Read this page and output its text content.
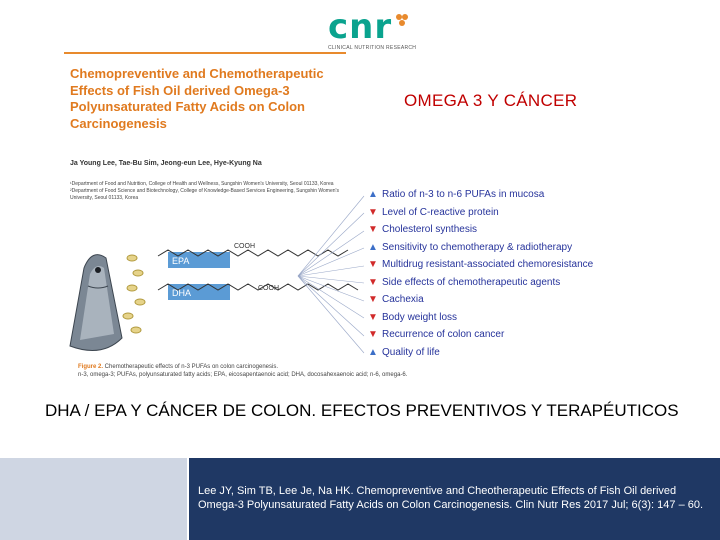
cnr
CLINICAL NUTRITION RESEARCH
Chemopreventive and Chemotherapeutic Effects of Fish Oil derived Omega-3 Polyunsaturated Fatty Acids on Colon Carcinogenesis
Ja Young Lee, Tae-Bu Sim, Jeong-eun Lee, Hye-Kyung Na
¹Department of Food and Nutrition, College of Health and Wellness, Sungshin Women's University, Seoul 01133, Korea
²Department of Food Science and Biotechnology, College of Knowledge-Based Services Engineering, Sungshin Women's University, Seoul 01133, Korea
OMEGA 3 Y CÁNCER
EPA
DHA
COOH
COOH
Figure 2. Chemotherapeutic effects of n-3 PUFAs on colon carcinogenesis.
n-3, omega-3; PUFAs, polyunsaturated fatty acids; EPA, eicosapentaenoic acid; DHA, docosahexaenoic acid; n-6, omega-6.
▲ Ratio of n-3 to n-6 PUFAs in mucosa
▼ Level of C-reactive protein
▼ Cholesterol synthesis
▲ Sensitivity to chemotherapy & radiotherapy
▼ Multidrug resistant-associated chemoresistance
▼ Side effects of chemotherapeutic agents
▼ Cachexia
▼ Body weight loss
▼ Recurrence of colon cancer
▲ Quality of life
DHA / EPA Y CÁNCER DE COLON. EFECTOS PREVENTIVOS Y TERAPÉUTICOS
Lee JY, Sim TB, Lee Je, Na HK. Chemopreventive and Cheotherapeutic Effects of Fish Oil derived Omega-3 Polyunsaturated Fatty Acids on Colon Carcinogenesis. Clin Nutr Res 2017 Jul; 6(3): 147 – 60.
